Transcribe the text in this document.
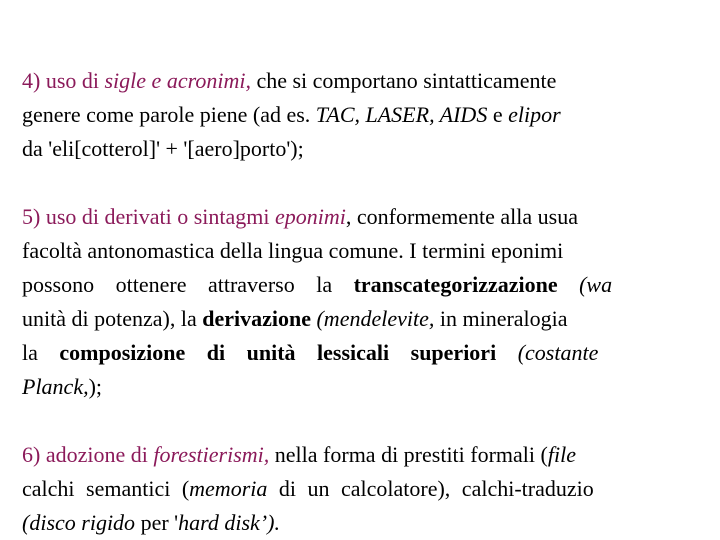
4) uso di sigle e acronimi, che si comportano sintatticamente
genere come parole piene (ad es. TAC, LASER, AIDS e elipor
da 'eli[cotterol]' + '[aero]porto');
5) uso di derivati o sintagmi eponimi, conformemente alla usua
facoltà antonomastica della lingua comune. I termini eponimi
possono ottenere attraverso la transcategorizzazione (wa
unità di potenza), la derivazione (mendelevite, in mineralogia
la composizione di unità lessicali superiori (costante
Planck,);
6) adozione di forestierismi, nella forma di prestiti formali (file
calchi semantici (memoria di un calcolatore), calchi-traduzio
(disco rigido per 'hard disk’).
